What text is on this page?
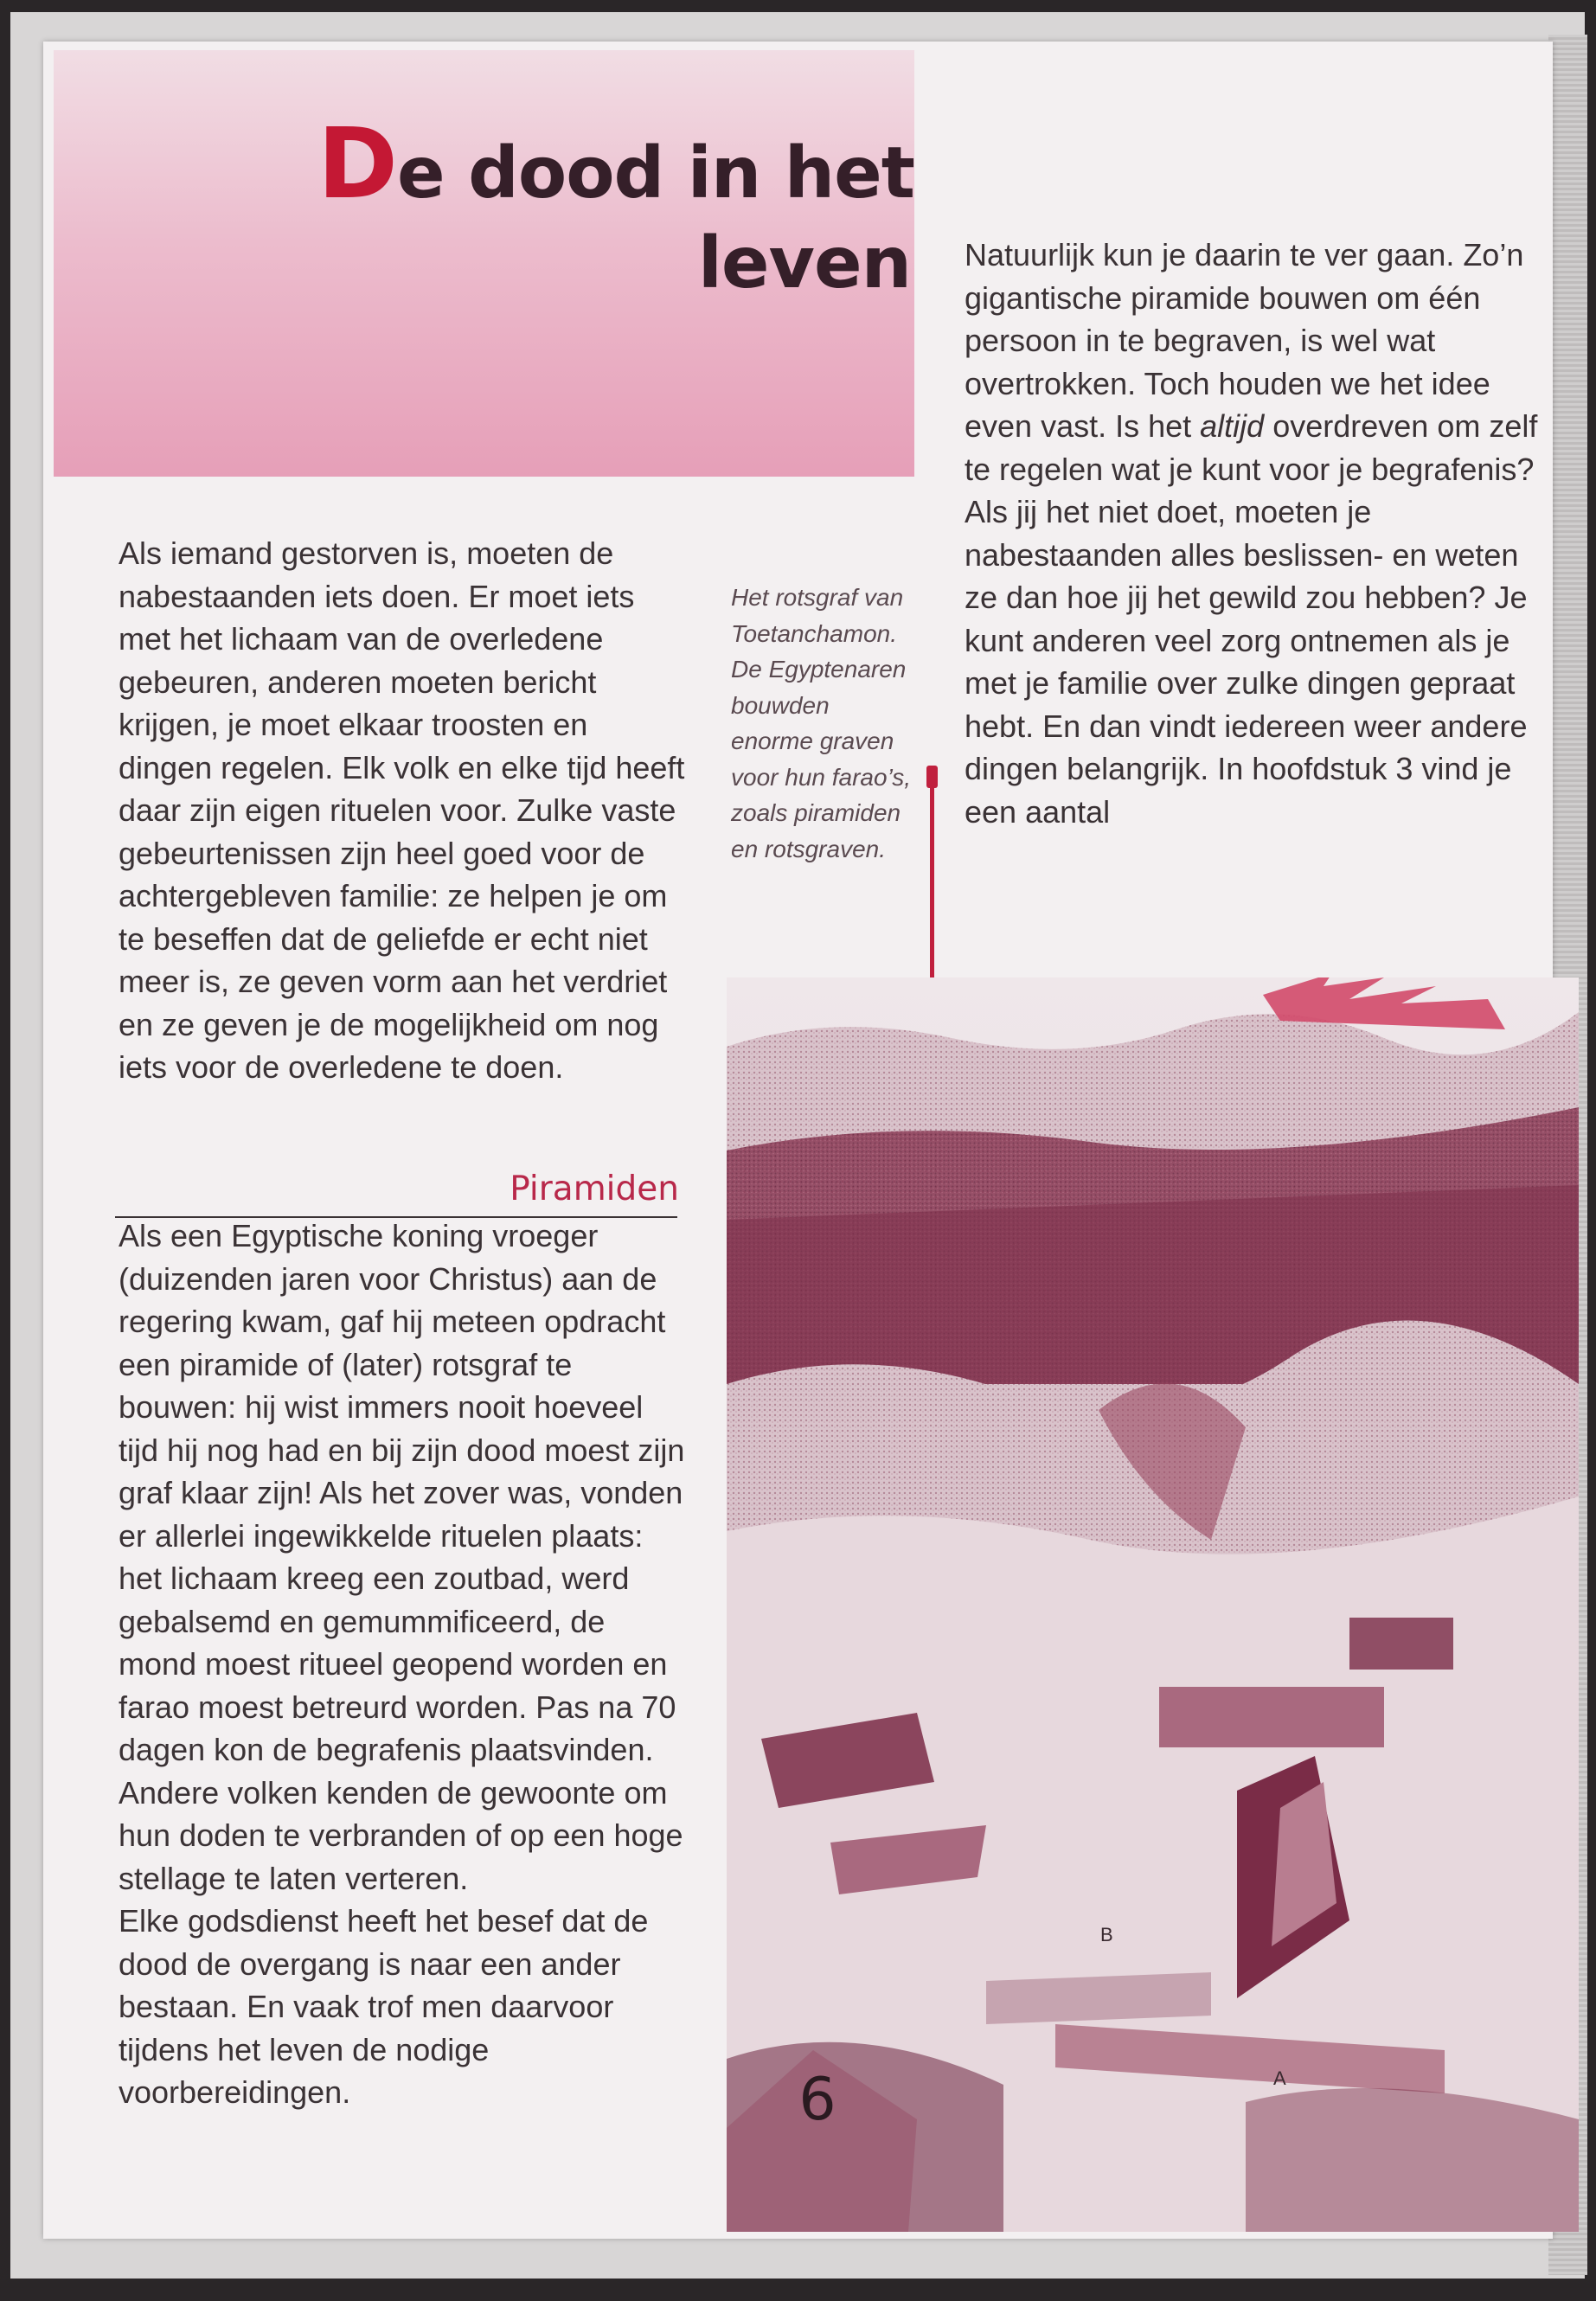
De dood in het
leven

Als iemand gestorven is, moeten de nabestaanden iets doen. Er moet iets met het lichaam van de overledene gebeuren, anderen moeten bericht krijgen, je moet elkaar troosten en dingen regelen. Elk volk en elke tijd heeft daar zijn eigen rituelen voor. Zulke vaste gebeurtenissen zijn heel goed voor de achtergebleven familie: ze helpen je om te beseffen dat de geliefde er echt niet meer is, ze geven vorm aan het verdriet en ze geven je de mogelijkheid om nog iets voor de overledene te doen.

Piramiden

Als een Egyptische koning vroeger (duizenden jaren voor Christus) aan de regering kwam, gaf hij meteen opdracht een piramide of (later) rotsgraf te bouwen: hij wist immers nooit hoeveel tijd hij nog had en bij zijn dood moest zijn graf klaar zijn! Als het zover was, vonden er allerlei ingewikkelde rituelen plaats: het lichaam kreeg een zoutbad, werd gebalsemd en gemummificeerd, de mond moest ritueel geopend worden en farao moest betreurd worden. Pas na 70 dagen kon de begrafenis plaatsvinden. Andere volken kenden de gewoonte om hun doden te verbranden of op een hoge stellage te laten verteren.

Elke godsdienst heeft het besef dat de dood de overgang is naar een ander bestaan. En vaak trof men daarvoor tijdens het leven de nodige voorbereidingen.

Natuurlijk kun je daarin te ver gaan. Zo’n gigantische piramide bouwen om één persoon in te begraven, is wel wat overtrokken. Toch houden we het idee even vast. Is het altijd overdreven om zelf te regelen wat je kunt voor je begrafenis? Als jij het niet doet, moeten je nabestaanden alles beslissen- en weten ze dan hoe jij het gewild zou hebben? Je kunt anderen veel zorg ontnemen als je met je familie over zulke dingen gepraat hebt. En dan vindt iedereen weer andere dingen belangrijk. In hoofdstuk 3 vind je een aantal

Het rotsgraf van Toetanchamon. De Egyptenaren bouwden enorme graven voor hun farao’s, zoals piramiden en rotsgraven.

B
A

6
